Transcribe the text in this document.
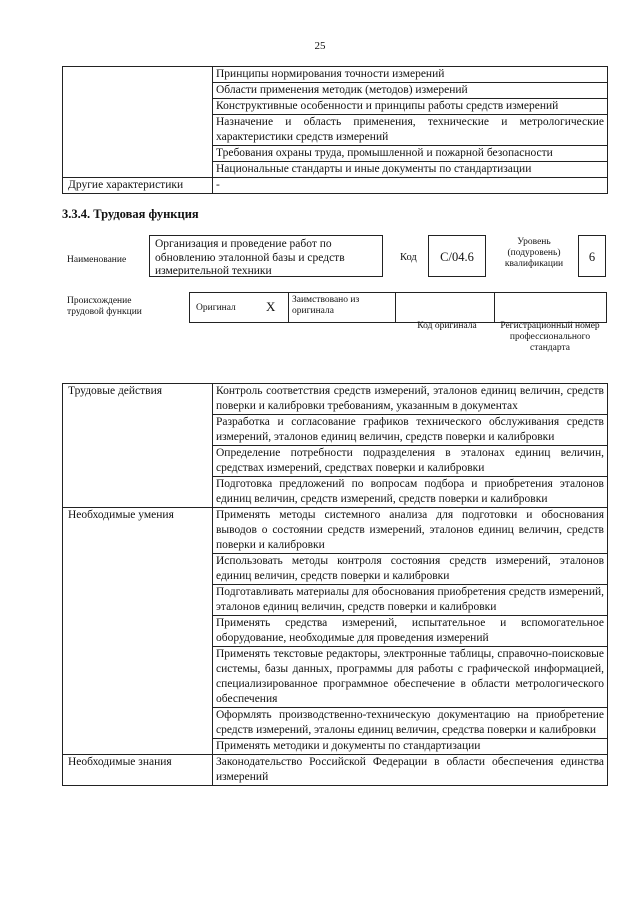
25
	Принципы нормирования точности измерений
	Области применения методик (методов) измерений
	Конструктивные особенности и принципы работы средств измерений
	Назначение и область применения, технические и метрологические характеристики средств измерений
	Требования охраны труда, промышленной и пожарной безопасности
	Национальные стандарты и иные документы по стандартизации
Другие характеристики	-
3.3.4. Трудовая функция
Наименование
Организация и проведение работ по обновлению эталонной базы и средств измерительной техники
Код	C/04.6
Уровень (подуровень) квалификации	6
Происхождение трудовой функции	Оригинал X Заимствовано из оригинала
Код оригинала	Регистрационный номер профессионального стандарта
Трудовые действия	Контроль соответствия средств измерений, эталонов единиц величин, средств поверки и калибровки требованиям, указанным в документах
	Разработка и согласование графиков технического обслуживания средств измерений, эталонов единиц величин, средств поверки и калибровки
	Определение потребности подразделения в эталонах единиц величин, средствах измерений, средствах поверки и калибровки
	Подготовка предложений по вопросам подбора и приобретения эталонов единиц величин, средств измерений, средств поверки и калибровки
Необходимые умения	Применять методы системного анализа для подготовки и обоснования выводов о состоянии средств измерений, эталонов единиц величин, средств поверки и калибровки
	Использовать методы контроля состояния средств измерений, эталонов единиц величин, средств поверки и калибровки
	Подготавливать материалы для обоснования приобретения средств измерений, эталонов единиц величин, средств поверки и калибровки
	Применять средства измерений, испытательное и вспомогательное оборудование, необходимые для проведения измерений
	Применять текстовые редакторы, электронные таблицы, справочно-поисковые системы, базы данных, программы для работы с графической информацией, специализированное программное обеспечение в области метрологического обеспечения
	Оформлять производственно-техническую документацию на приобретение средств измерений, эталоны единиц величин, средства поверки и калибровки
	Применять методики и документы по стандартизации
Необходимые знания	Законодательство Российской Федерации в области обеспечения единства измерений
